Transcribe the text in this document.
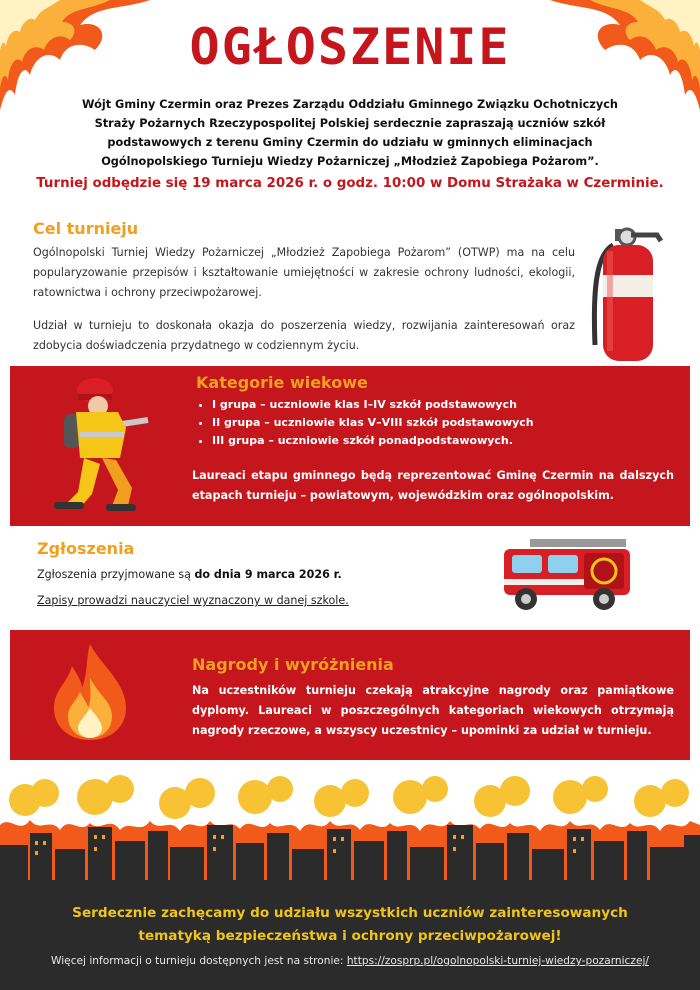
OGŁOSZENIE
Wójt Gminy Czermin oraz Prezes Zarządu Oddziału Gminnego Związku Ochotniczych Straży Pożarnych Rzeczypospolitej Polskiej serdecznie zapraszają uczniów szkół podstawowych z terenu Gminy Czermin do udziału w gminnych eliminacjach Ogólnopolskiego Turnieju Wiedzy Pożarniczej „Młodzież Zapobiega Pożarom”.
Turniej odbędzie się 19 marca 2026 r. o godz. 10:00 w Domu Strażaka w Czerminie.
Cel turnieju
Ogólnopolski Turniej Wiedzy Pożarniczej „Młodzież Zapobiega Pożarom” (OTWP) ma na celu popularyzowanie przepisów i kształtowanie umiejętności w zakresie ochrony ludności, ekologii, ratownictwa i ochrony przeciwpożarowej.
Udział w turnieju to doskonała okazja do poszerzenia wiedzy, rozwijania zainteresowań oraz zdobycia doświadczenia przydatnego w codziennym życiu.
Kategorie wiekowe
• I grupa – uczniowie klas I–IV szkół podstawowych
• II grupa – uczniowie klas V–VIII szkół podstawowych
• III grupa – uczniowie szkół ponadpodstawowych.
Laureaci etapu gminnego będą reprezentować Gminę Czermin na dalszych etapach turnieju – powiatowym, wojewódzkim oraz ogólnopolskim.
Zgłoszenia
Zgłoszenia przyjmowane są do dnia 9 marca 2026 r.
Zapisy prowadzi nauczyciel wyznaczony w danej szkole.
Nagrody i wyróżnienia
Na uczestników turnieju czekają atrakcyjne nagrody oraz pamiątkowe dyplomy. Laureaci w poszczególnych kategoriach wiekowych otrzymają nagrody rzeczowe, a wszyscy uczestnicy – upominki za udział w turnieju.
Serdecznie zachęcamy do udziału wszystkich uczniów zainteresowanych tematyką bezpieczeństwa i ochrony przeciwpożarowej!
Więcej informacji o turnieju dostępnych jest na stronie: https://zosprp.pl/ogolnopolski-turniej-wiedzy-pozarniczej/
